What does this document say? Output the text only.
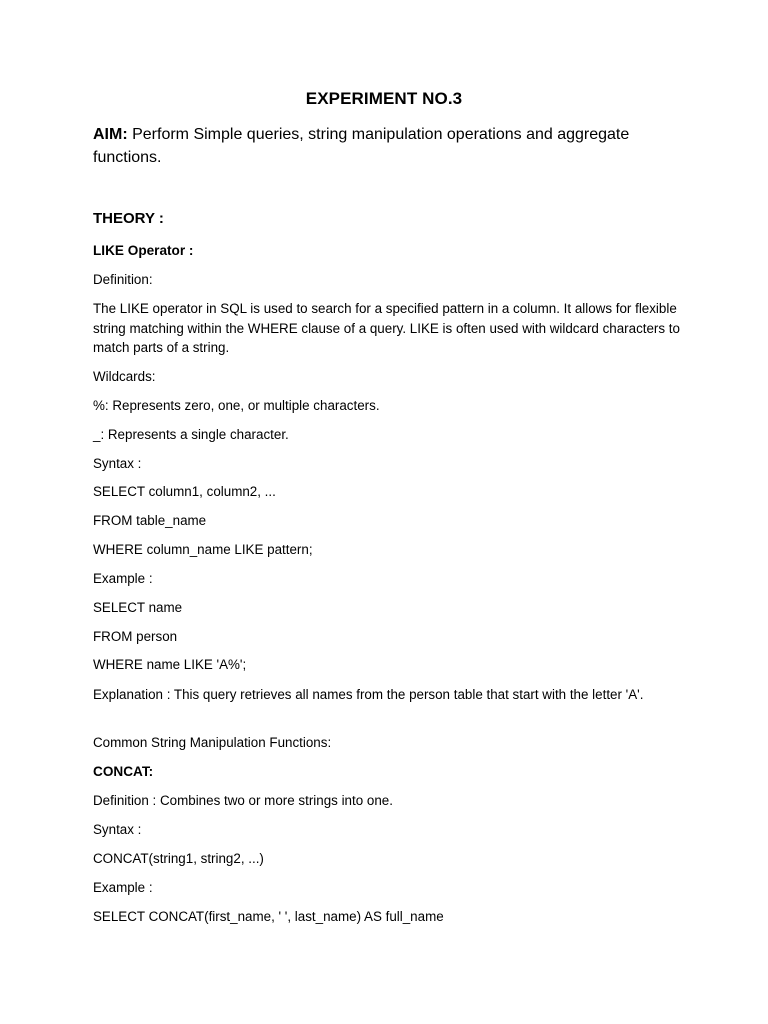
EXPERIMENT NO.3
AIM: Perform Simple queries, string manipulation operations and aggregate functions.
THEORY :
LIKE Operator :
Definition:
The LIKE operator in SQL is used to search for a specified pattern in a column. It allows for flexible string matching within the WHERE clause of a query. LIKE is often used with wildcard characters to match parts of a string.
Wildcards:
%: Represents zero, one, or multiple characters.
_: Represents a single character.
Syntax :
SELECT column1, column2, ...
FROM table_name
WHERE column_name LIKE pattern;
Example :
SELECT name
FROM person
WHERE name LIKE 'A%';
Explanation : This query retrieves all names from the person table that start with the letter 'A'.
Common String Manipulation Functions:
CONCAT:
Definition : Combines two or more strings into one.
Syntax :
CONCAT(string1, string2, ...)
Example :
SELECT CONCAT(first_name, ' ', last_name) AS full_name
